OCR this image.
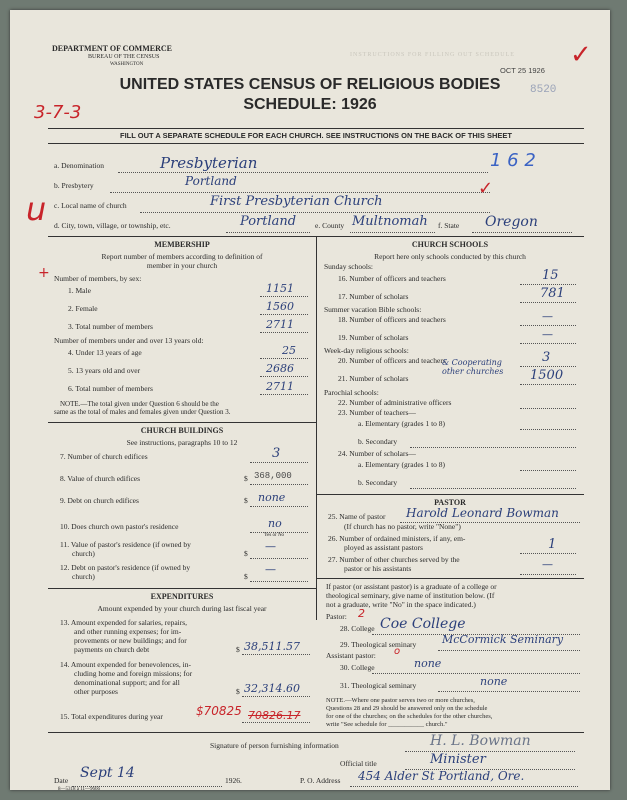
INSTRUCTIONS FOR FILLING OUT SCHEDULE
DEPARTMENT OF COMMERCE
BUREAU OF THE CENSUS
WASHINGTON
UNITED STATES CENSUS OF RELIGIOUS BODIES
SCHEDULE: 1926
OCT 25 1926
8520
✓
3-7-3
u
+
FILL OUT A SEPARATE SCHEDULE FOR EACH CHURCH. SEE INSTRUCTIONS ON THE BACK OF THIS SHEET
a. Denomination	Presbyterian	1 6 2
b. Presbytery	Portland
c. Local name of church	First Presbyterian Church
✓
d. City, town, village, or township, etc.	Portland	e. County Multnomah f. State Oregon
MEMBERSHIP
Report number of members according to definition of
member in your church
Number of members, by sex:
1. Male	1151
2. Female	1560
3. Total number of members	2711
Number of members under and over 13 years old:
4. Under 13 years of age	25
5. 13 years old and over	2686
6. Total number of members	2711
NOTE.—The total given under Question 6 should be the
same as the total of males and females given under Question 3.
CHURCH BUILDINGS
See instructions, paragraphs 10 to 12
7. Number of church edifices	3
8. Value of church edifices	$ 368,000
9. Debt on church edifices	$ none
10. Does church own pastor's residence	no
Yes or No
11. Value of pastor's residence (if owned by
church)	$
—
12. Debt on pastor's residence (if owned by
church)	$
—
EXPENDITURES
Amount expended by your church during last fiscal year
13. Amount expended for salaries, repairs,
and other running expenses; for im-
provements or new buildings; and for
payments on church debt	$ 38,511.57
14. Amount expended for benevolences, in-
cluding home and foreign missions; for
denominational support; and for all
other purposes	$ 32,314.60
15. Total expenditures during year	$70825 70826.17
CHURCH SCHOOLS
Report here only schools conducted by this church
Sunday schools:
16. Number of officers and teachers	15
17. Number of scholars	781
Summer vacation Bible schools:
18. Number of officers and teachers	—
19. Number of scholars	—
Week-day religious schools:
20. Number of officers and teachers	3
21. Number of scholars	1500
& Cooperating other churches
Parochial schools:
22. Number of administrative officers
23. Number of teachers—
a. Elementary (grades 1 to 8)
b. Secondary
24. Number of scholars—
a. Elementary (grades 1 to 8)
b. Secondary
PASTOR
25. Name of pastor Harold Leonard Bowman
(If church has no pastor, write "None")
26. Number of ordained ministers, if any, em-
ployed as assistant pastors	1
27. Number of other churches served by the
pastor or his assistants	—
If pastor (or assistant pastor) is a graduate of a college or
theological seminary, give name of institution below. (If
not a graduate, write "No" in the space indicated.)
Pastor: 2
28. College Coe College
29. Theological seminary McCormick Seminary
Assistant pastor: o
30. College	none
31. Theological seminary	none
NOTE.—Where one pastor serves two or more churches,
Questions 28 and 29 should be answered only on the schedule
for one of the churches; on the schedules for the other churches,
write "See schedule for ___________ church."
Signature of person furnishing information	H. L. Bowman
Official title	Minister
Date Sept 14	1926.	P. O. Address 454 Alder St Portland, Ore.
8—5318 a 11—9666
